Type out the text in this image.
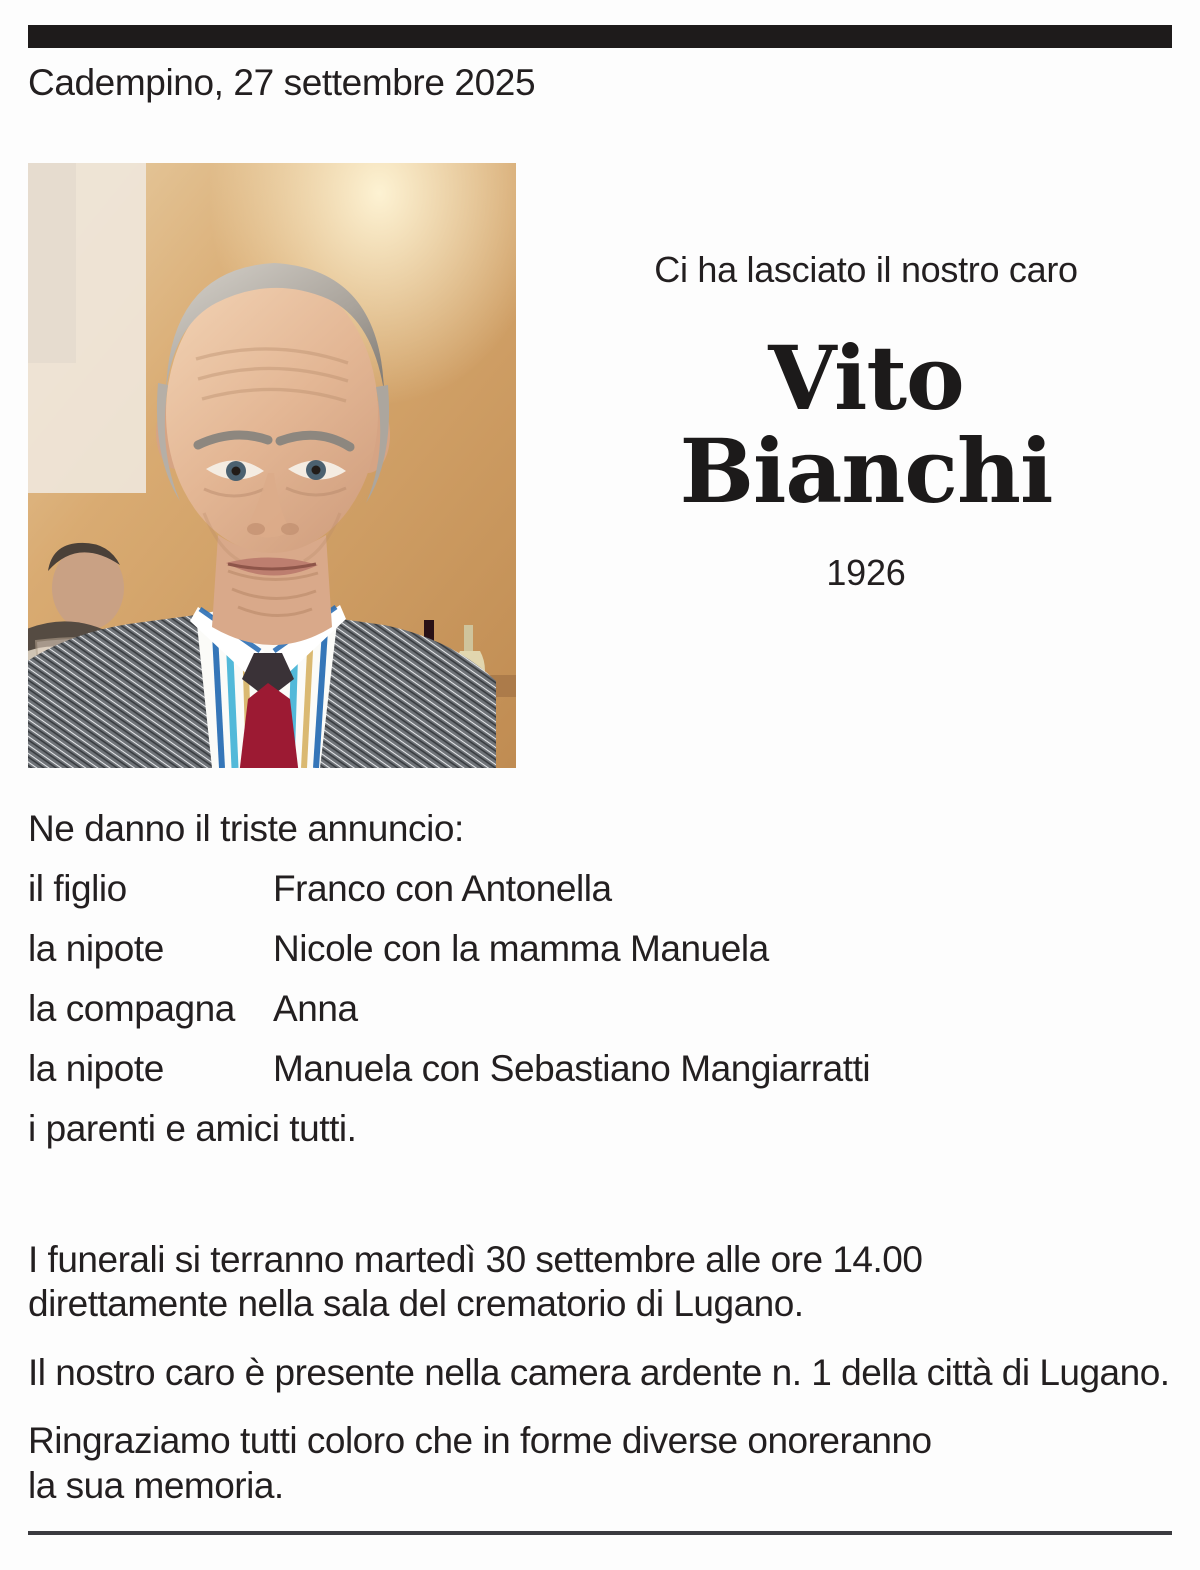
Cadempino, 27 settembre 2025
Ci ha lasciato il nostro caro
Vito
Bianchi
1926
Ne danno il triste annuncio:
il figlio	Franco con Antonella
la nipote	Nicole con la mamma Manuela
la compagna	Anna
la nipote	Manuela con Sebastiano Mangiarratti
i parenti e amici tutti.

I funerali si terranno martedì 30 settembre alle ore 14.00
direttamente nella sala del crematorio di Lugano.

Il nostro caro è presente nella camera ardente n. 1 della città di Lugano.

Ringraziamo tutti coloro che in forme diverse onoreranno
la sua memoria.
